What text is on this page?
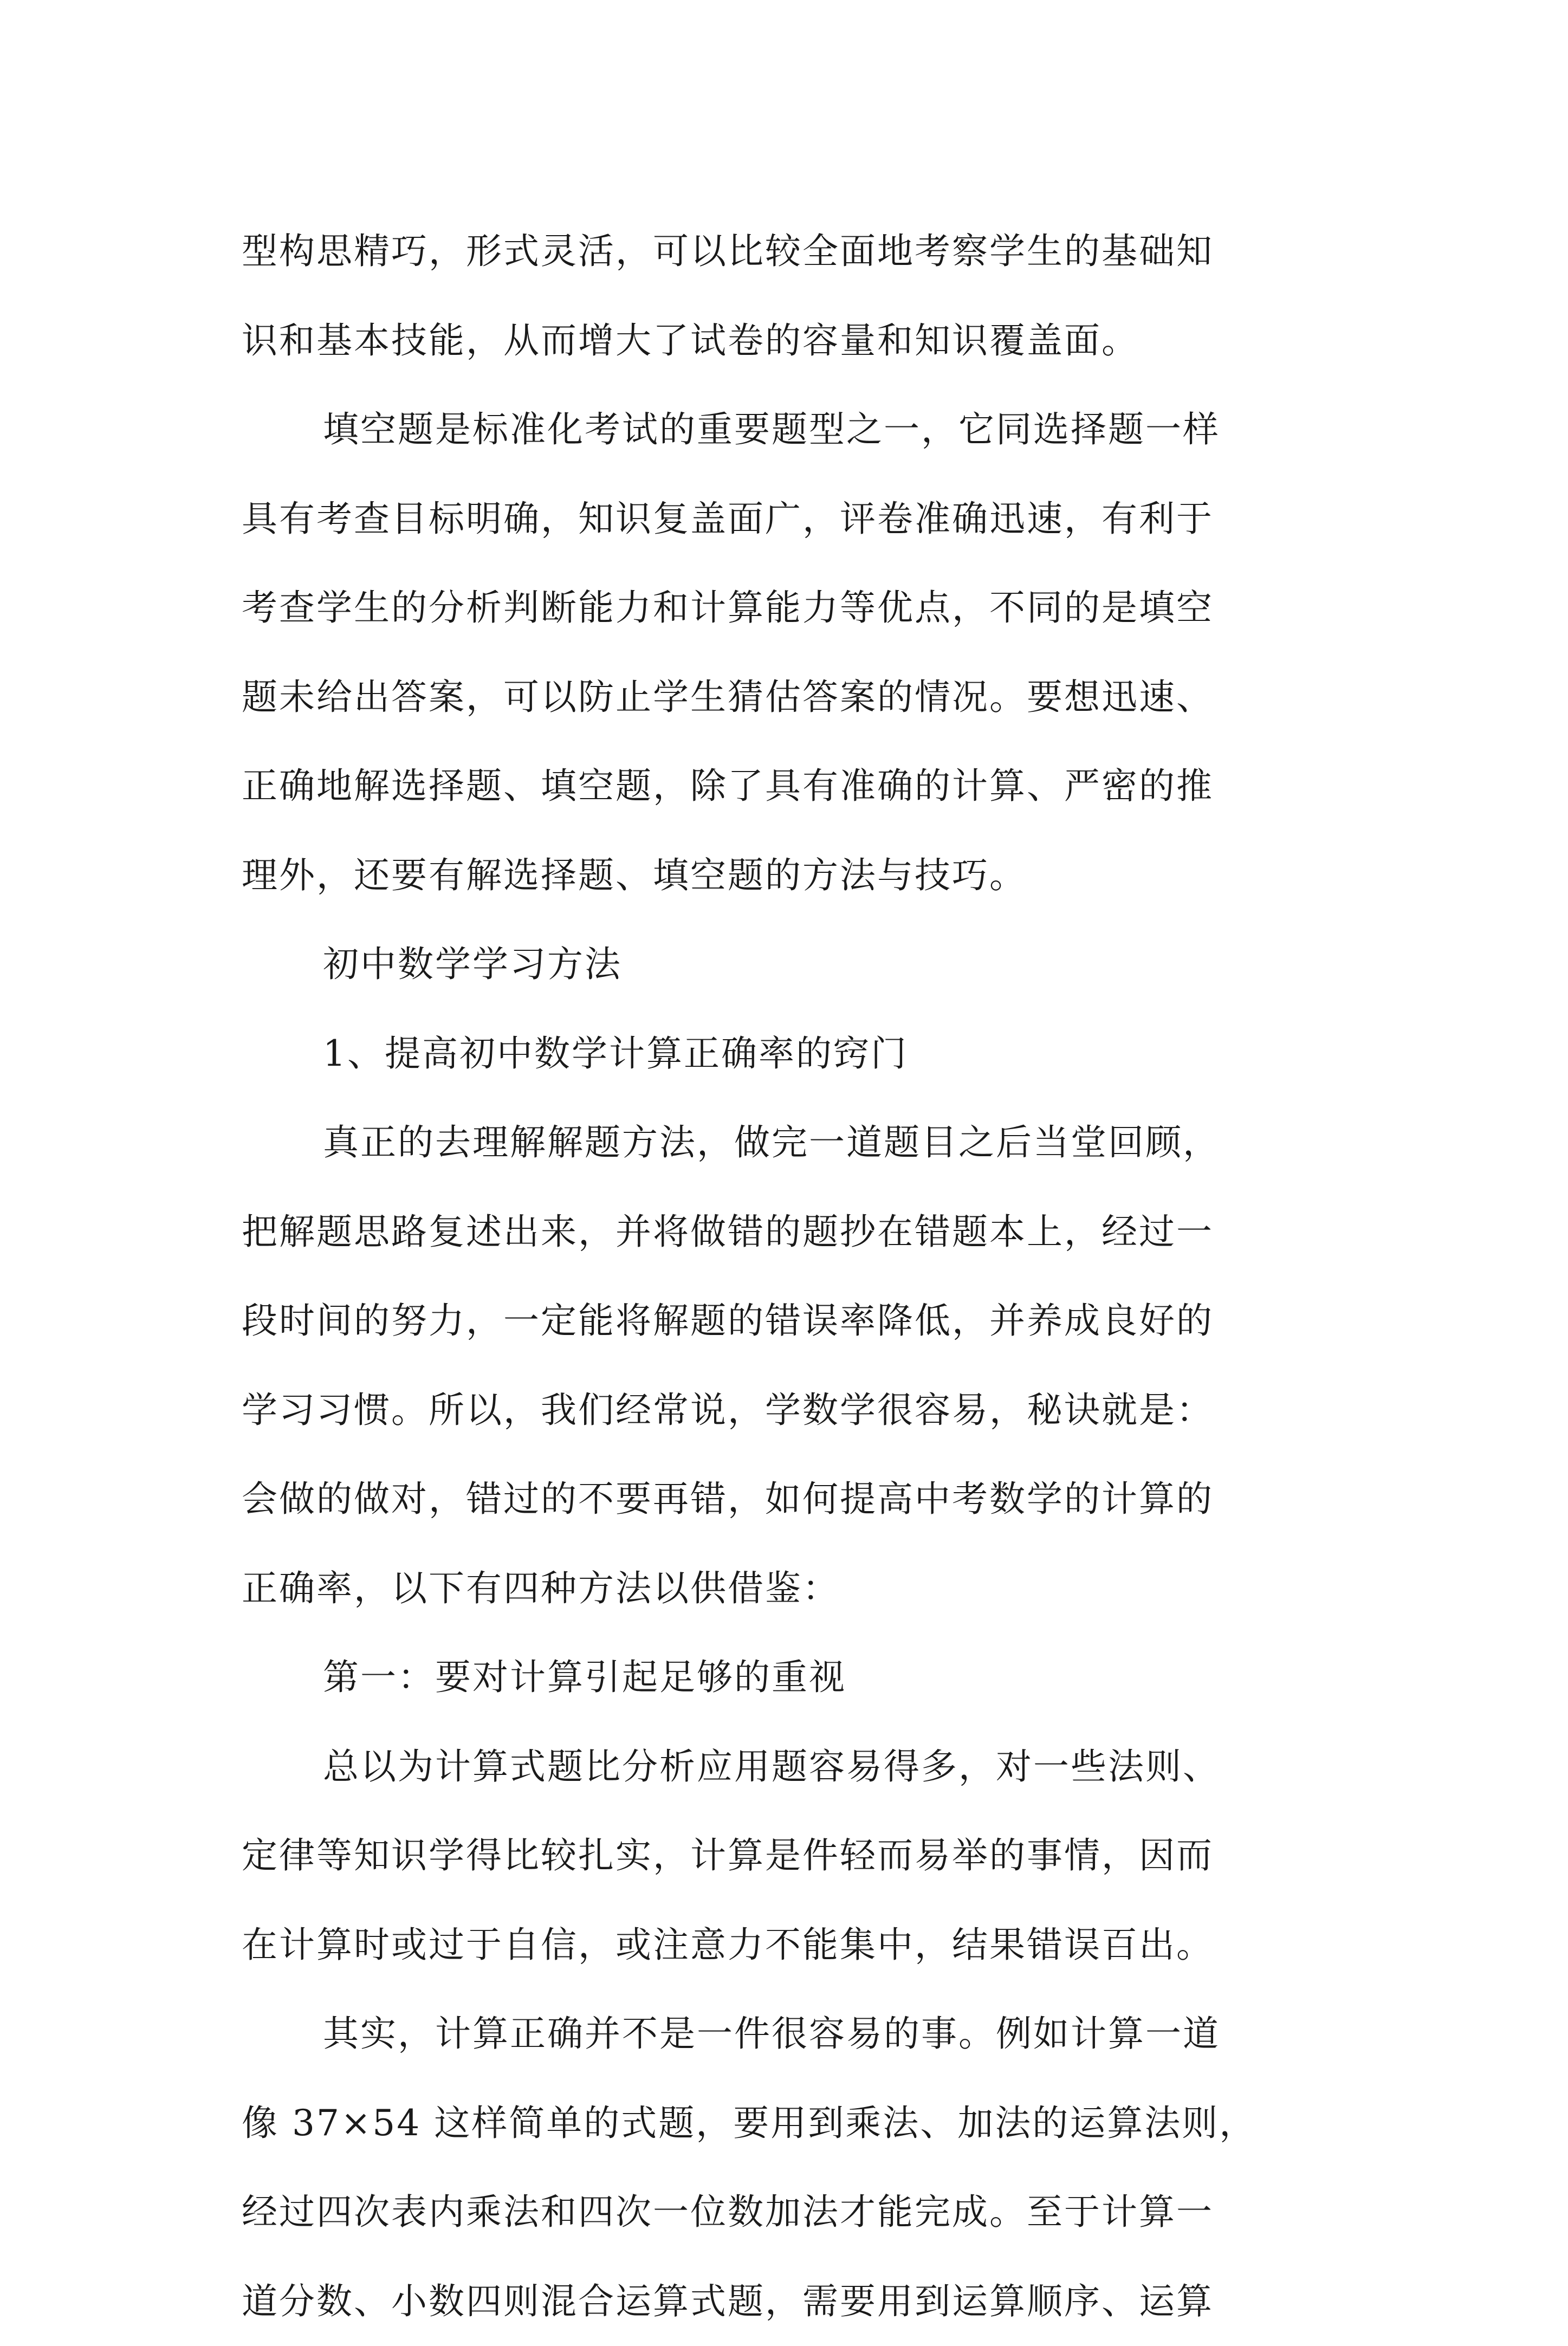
型构思精巧，形式灵活，可以比较全面地考察学生的基础知
识和基本技能，从而增大了试卷的容量和知识覆盖面。
填空题是标准化考试的重要题型之一，它同选择题一样
具有考查目标明确，知识复盖面广，评卷准确迅速，有利于
考查学生的分析判断能力和计算能力等优点，不同的是填空
题未给出答案，可以防止学生猜估答案的情况。要想迅速、
正确地解选择题、填空题，除了具有准确的计算、严密的推
理外，还要有解选择题、填空题的方法与技巧。
初中数学学习方法
1、提高初中数学计算正确率的窍门
真正的去理解解题方法，做完一道题目之后当堂回顾，
把解题思路复述出来，并将做错的题抄在错题本上，经过一
段时间的努力，一定能将解题的错误率降低，并养成良好的
学习习惯。所以，我们经常说，学数学很容易，秘诀就是：
会做的做对，错过的不要再错，如何提高中考数学的计算的
正确率，以下有四种方法以供借鉴：
第一：要对计算引起足够的重视
总以为计算式题比分析应用题容易得多，对一些法则、
定律等知识学得比较扎实，计算是件轻而易举的事情，因而
在计算时或过于自信，或注意力不能集中，结果错误百出。
其实，计算正确并不是一件很容易的事。例如计算一道
像 37×54 这样简单的式题，要用到乘法、加法的运算法则，
经过四次表内乘法和四次一位数加法才能完成。至于计算一
道分数、小数四则混合运算式题，需要用到运算顺序、运算
